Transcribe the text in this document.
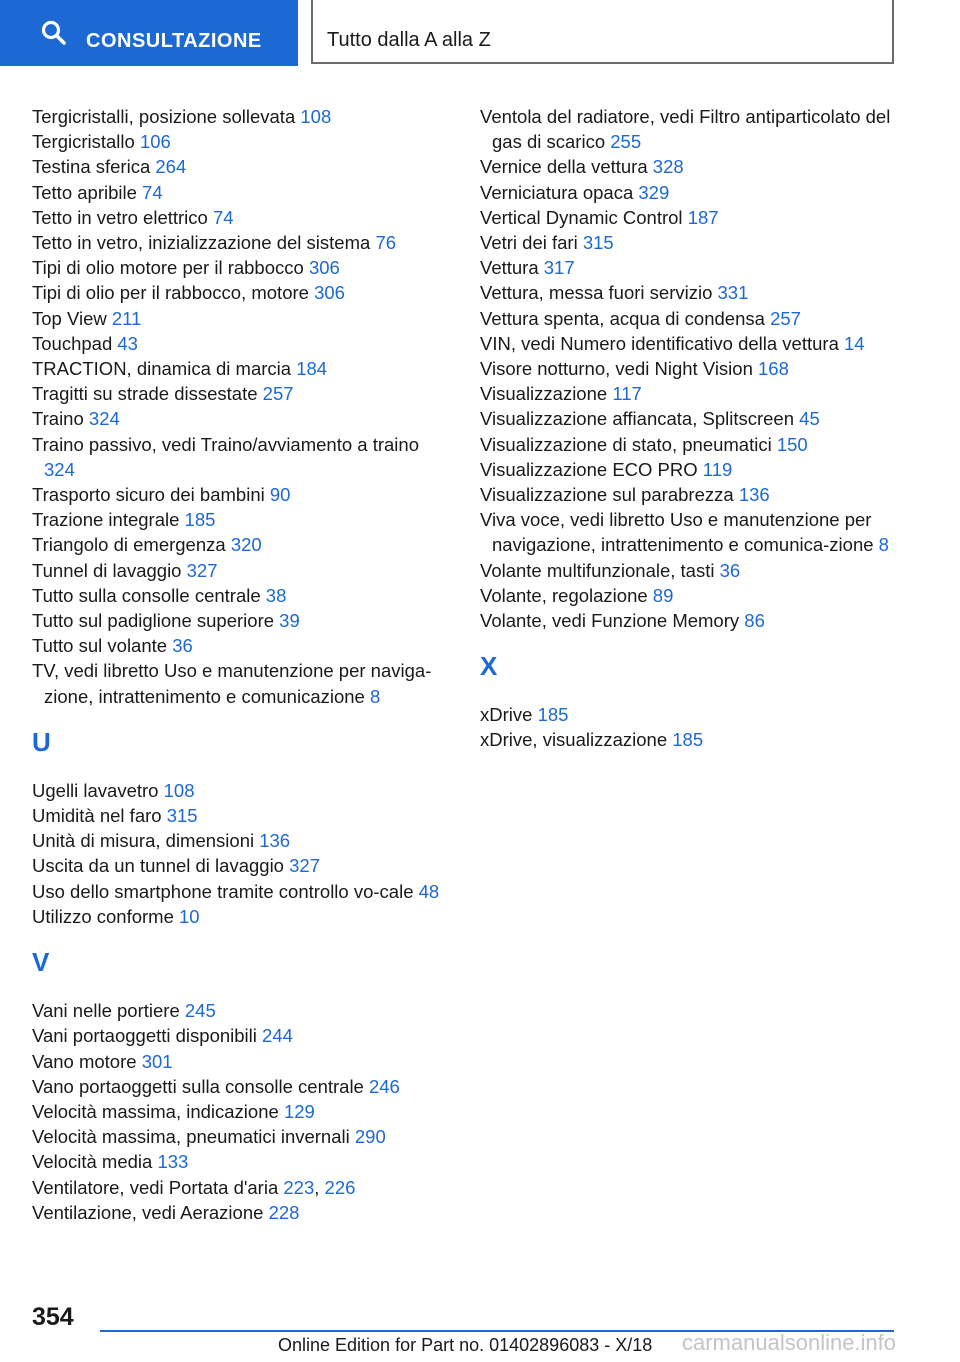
CONSULTAZIONE	Tutto dalla A alla Z

Tergicristalli, posizione sollevata 108

Tergicristallo 106

Testina sferica 264

Tetto apribile 74

Tetto in vetro elettrico 74

Tetto in vetro, inizializzazione del sistema 76

Tipi di olio motore per il rabbocco 306

Tipi di olio per il rabbocco, motore 306

Top View 211

Touchpad 43

TRACTION, dinamica di marcia 184

Tragitti su strade dissestate 257

Traino 324

Traino passivo, vedi Traino/avviamento a traino 324

Trasporto sicuro dei bambini 90

Trazione integrale 185

Triangolo di emergenza 320

Tunnel di lavaggio 327

Tutto sulla consolle centrale 38

Tutto sul padiglione superiore 39

Tutto sul volante 36

TV, vedi libretto Uso e manutenzione per naviga-zione, intrattenimento e comunicazione 8

U

Ugelli lavavetro 108

Umidità nel faro 315

Unità di misura, dimensioni 136

Uscita da un tunnel di lavaggio 327

Uso dello smartphone tramite controllo vo-cale 48

Utilizzo conforme 10

V

Vani nelle portiere 245

Vani portaoggetti disponibili 244

Vano motore 301

Vano portaoggetti sulla consolle centrale 246

Velocità massima, indicazione 129

Velocità massima, pneumatici invernali 290

Velocità media 133

Ventilatore, vedi Portata d'aria 223, 226

Ventilazione, vedi Aerazione 228

Ventola del radiatore, vedi Filtro antiparticolato del gas di scarico 255

Vernice della vettura 328

Verniciatura opaca 329

Vertical Dynamic Control 187

Vetri dei fari 315

Vettura 317

Vettura, messa fuori servizio 331

Vettura spenta, acqua di condensa 257

VIN, vedi Numero identificativo della vettura 14

Visore notturno, vedi Night Vision 168

Visualizzazione 117

Visualizzazione affiancata, Splitscreen 45

Visualizzazione di stato, pneumatici 150

Visualizzazione ECO PRO 119

Visualizzazione sul parabrezza 136

Viva voce, vedi libretto Uso e manutenzione per navigazione, intrattenimento e comunica-zione 8

Volante multifunzionale, tasti 36

Volante, regolazione 89

Volante, vedi Funzione Memory 86

X

xDrive 185

xDrive, visualizzazione 185

354
Online Edition for Part no. 01402896083 - X/18 carmanualsonline.info
